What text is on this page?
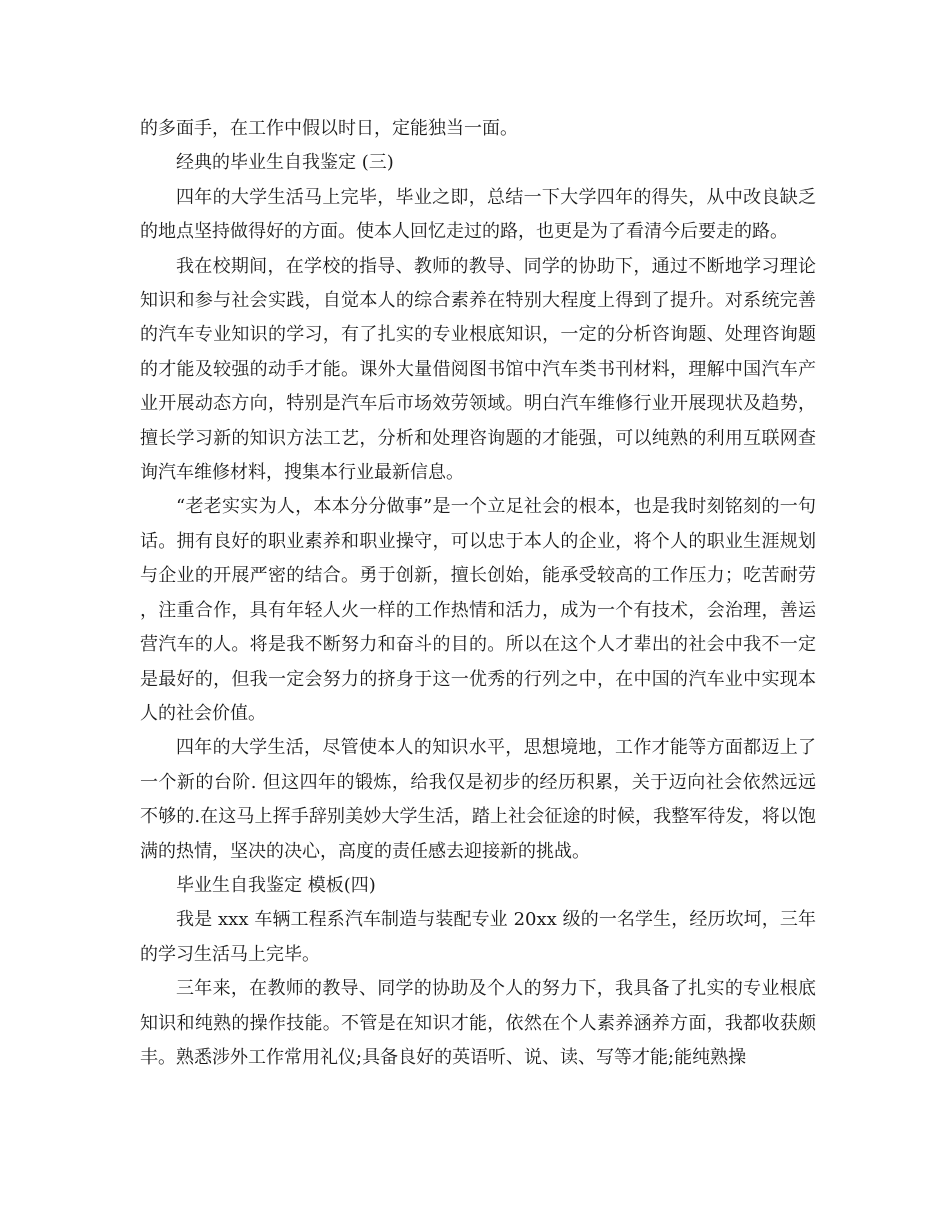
的多面手，在工作中假以时日，定能独当一面。

经典的毕业生自我鉴定 (三)

四年的大学生活马上完毕，毕业之即，总结一下大学四年的得失，从中改良缺乏的地点坚持做得好的方面。使本人回忆走过的路，也更是为了看清今后要走的路。

我在校期间，在学校的指导、教师的教导、同学的协助下，通过不断地学习理论知识和参与社会实践，自觉本人的综合素养在特别大程度上得到了提升。对系统完善的汽车专业知识的学习，有了扎实的专业根底知识，一定的分析咨询题、处理咨询题的才能及较强的动手才能。课外大量借阅图书馆中汽车类书刊材料，理解中国汽车产业开展动态方向，特别是汽车后市场效劳领域。明白汽车维修行业开展现状及趋势，擅长学习新的知识方法工艺，分析和处理咨询题的才能强，可以纯熟的利用互联网查询汽车维修材料，搜集本行业最新信息。

“老老实实为人，本本分分做事”是一个立足社会的根本，也是我时刻铭刻的一句话。拥有良好的职业素养和职业操守，可以忠于本人的企业，将个人的职业生涯规划与企业的开展严密的结合。勇于创新，擅长创始，能承受较高的工作压力；吃苦耐劳，注重合作，具有年轻人火一样的工作热情和活力，成为一个有技术，会治理，善运营汽车的人。将是我不断努力和奋斗的目的。所以在这个人才辈出的社会中我不一定是最好的，但我一定会努力的挤身于这一优秀的行列之中，在中国的汽车业中实现本人的社会价值。

四年的大学生活，尽管使本人的知识水平，思想境地，工作才能等方面都迈上了一个新的台阶. 但这四年的锻炼，给我仅是初步的经历积累，关于迈向社会依然远远不够的.在这马上挥手辞别美妙大学生活，踏上社会征途的时候，我整军待发，将以饱满的热情，坚决的决心，高度的责任感去迎接新的挑战。

毕业生自我鉴定 模板(四)

我是 xxx 车辆工程系汽车制造与装配专业 20xx 级的一名学生，经历坎坷，三年的学习生活马上完毕。

三年来，在教师的教导、同学的协助及个人的努力下，我具备了扎实的专业根底知识和纯熟的操作技能。不管是在知识才能，依然在个人素养涵养方面，我都收获颇丰。熟悉涉外工作常用礼仪;具备良好的英语听、说、读、写等才能;能纯熟操
